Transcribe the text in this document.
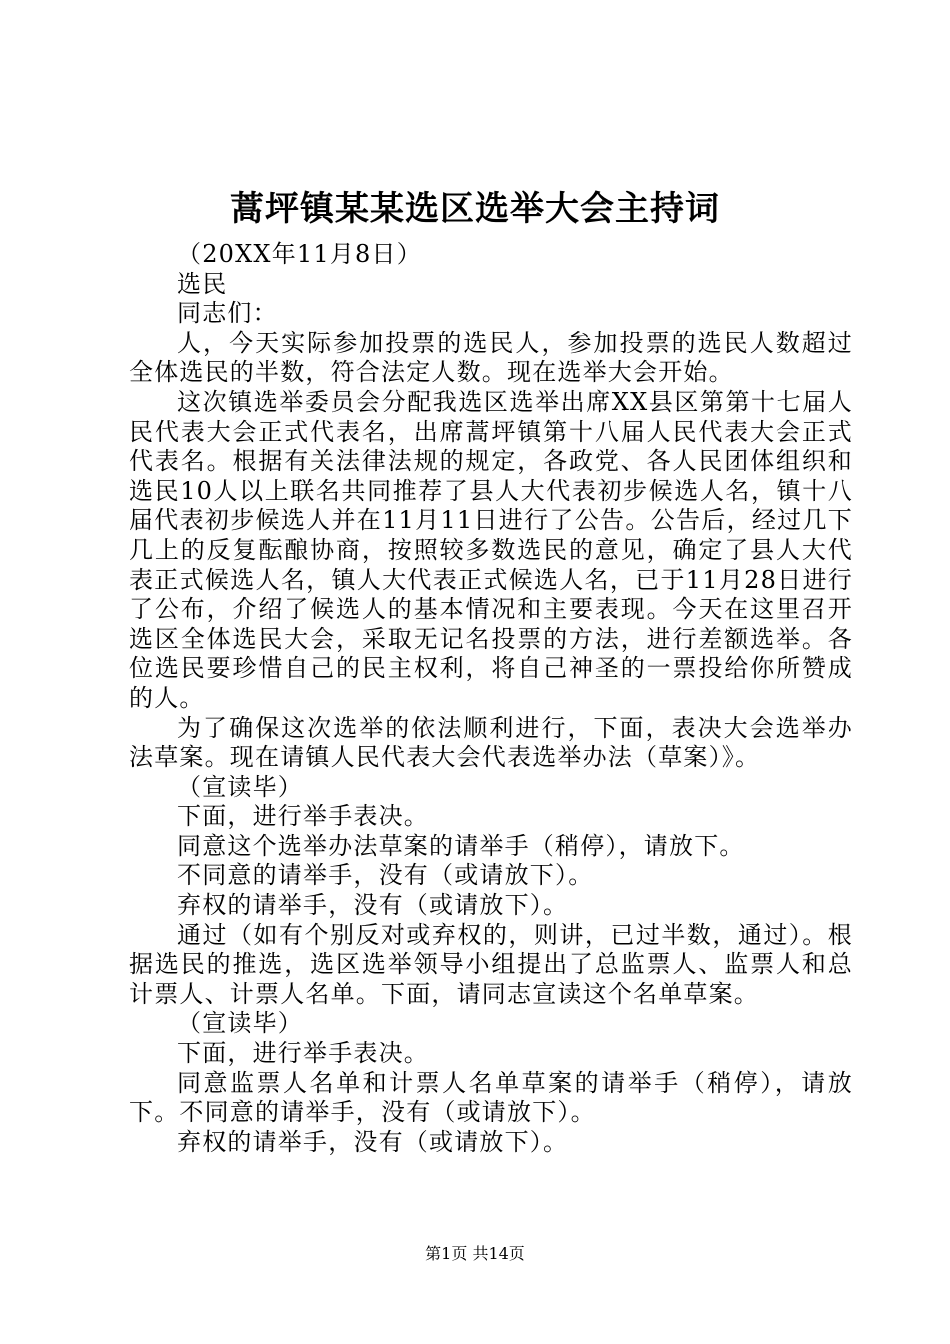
蒿坪镇某某选区选举大会主持词

（20XX年11月8日）

选民

同志们：

人，今天实际参加投票的选民人，参加投票的选民人数超过全体选民的半数，符合法定人数。现在选举大会开始。

这次镇选举委员会分配我选区选举出席XX县区第第十七届人民代表大会正式代表名，出席蒿坪镇第十八届人民代表大会正式代表名。根据有关法律法规的规定，各政党、各人民团体组织和选民10人以上联名共同推荐了县人大代表初步候选人名，镇十八届代表初步候选人并在11月11日进行了公告。公告后，经过几下几上的反复酝酿协商，按照较多数选民的意见，确定了县人大代表正式候选人名，镇人大代表正式候选人名，已于11月28日进行了公布，介绍了候选人的基本情况和主要表现。今天在这里召开选区全体选民大会，采取无记名投票的方法，进行差额选举。各位选民要珍惜自己的民主权利，将自己神圣的一票投给你所赞成的人。

为了确保这次选举的依法顺利进行，下面，表决大会选举办法草案。现在请镇人民代表大会代表选举办法（草案）》。

（宣读毕）

下面，进行举手表决。

同意这个选举办法草案的请举手（稍停），请放下。

不同意的请举手，没有（或请放下）。

弃权的请举手，没有（或请放下）。

通过（如有个别反对或弃权的，则讲，已过半数，通过）。根据选民的推选，选区选举领导小组提出了总监票人、监票人和总计票人、计票人名单。下面，请同志宣读这个名单草案。

（宣读毕）

下面，进行举手表决。

同意监票人名单和计票人名单草案的请举手（稍停），请放下。不同意的请举手，没有（或请放下）。

弃权的请举手，没有（或请放下）。

第1页 共14页
